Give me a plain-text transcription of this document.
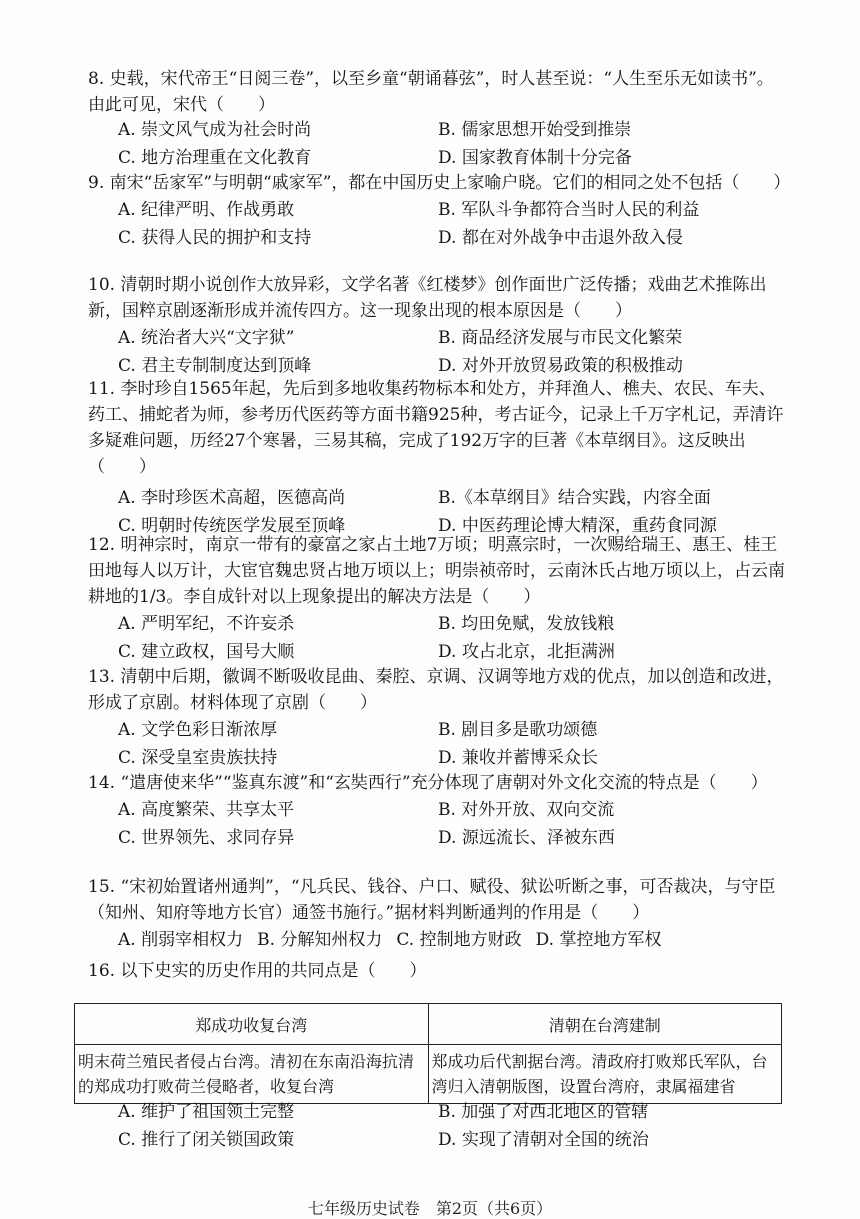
8. 史载，宋代帝王“日阅三卷”，以至乡童“朝诵暮弦”，时人甚至说：“人生至乐无如读书”。由此可见，宋代（　　）

A. 崇文风气成为社会时尚	B. 儒家思想开始受到推崇
C. 地方治理重在文化教育	D. 国家教育体制十分完备

9. 南宋“岳家军”与明朝“戚家军”，都在中国历史上家喻户晓。它们的相同之处不包括（　　）

A. 纪律严明、作战勇敢	B. 军队斗争都符合当时人民的利益
C. 获得人民的拥护和支持	D. 都在对外战争中击退外敌入侵

10. 清朝时期小说创作大放异彩，文学名著《红楼梦》创作面世广泛传播；戏曲艺术推陈出新，国粹京剧逐渐形成并流传四方。这一现象出现的根本原因是（　　）

A. 统治者大兴“文字狱”	B. 商品经济发展与市民文化繁荣
C. 君主专制制度达到顶峰	D. 对外开放贸易政策的积极推动

11. 李时珍自1565年起，先后到多地收集药物标本和处方，并拜渔人、樵夫、农民、车夫、药工、捕蛇者为师，参考历代医药等方面书籍925种，考古证今，记录上千万字札记，弄清许多疑难问题，历经27个寒暑，三易其稿，完成了192万字的巨著《本草纲目》。这反映出（　　）

A. 李时珍医术高超，医德高尚	B.《本草纲目》结合实践，内容全面
C. 明朝时传统医学发展至顶峰	D. 中医药理论博大精深，重药食同源

12. 明神宗时，南京一带有的豪富之家占土地7万顷；明熹宗时，一次赐给瑞王、惠王、桂王田地每人以万计，大宦官魏忠贤占地万顷以上；明崇祯帝时，云南沐氏占地万顷以上，占云南耕地的1/3。李自成针对以上现象提出的解决方法是（　　）

A. 严明军纪，不许妄杀	B. 均田免赋，发放钱粮
C. 建立政权，国号大顺	D. 攻占北京，北拒满洲

13. 清朝中后期，徽调不断吸收昆曲、秦腔、京调、汉调等地方戏的优点，加以创造和改进，形成了京剧。材料体现了京剧（　　）

A. 文学色彩日渐浓厚	B. 剧目多是歌功颂德
C. 深受皇室贵族扶持	D. 兼收并蓄博采众长

14. “遣唐使来华”“鉴真东渡”和“玄奘西行”充分体现了唐朝对外文化交流的特点是（　　）

A. 高度繁荣、共享太平	B. 对外开放、双向交流
C. 世界领先、求同存异	D. 源远流长、泽被东西

15. “宋初始置诸州通判”，“凡兵民、钱谷、户口、赋役、狱讼听断之事，可否裁决，与守臣（知州、知府等地方长官）通签书施行。”据材料判断通判的作用是（　　）

A. 削弱宰相权力 B. 分解知州权力 C. 控制地方财政 D. 掌控地方军权

16. 以下史实的历史作用的共同点是（　　）

郑成功收复台湾	清朝在台湾建制
明末荷兰殖民者侵占台湾。清初在东南沿海抗清的郑成功打败荷兰侵略者，收复台湾	郑成功后代割据台湾。清政府打败郑氏军队，台湾归入清朝版图，设置台湾府，隶属福建省
A. 维护了祖国领土完整	B. 加强了对西北地区的管辖
C. 推行了闭关锁国政策	D. 实现了清朝对全国的统治
七年级历史试卷　第2页（共6页）
